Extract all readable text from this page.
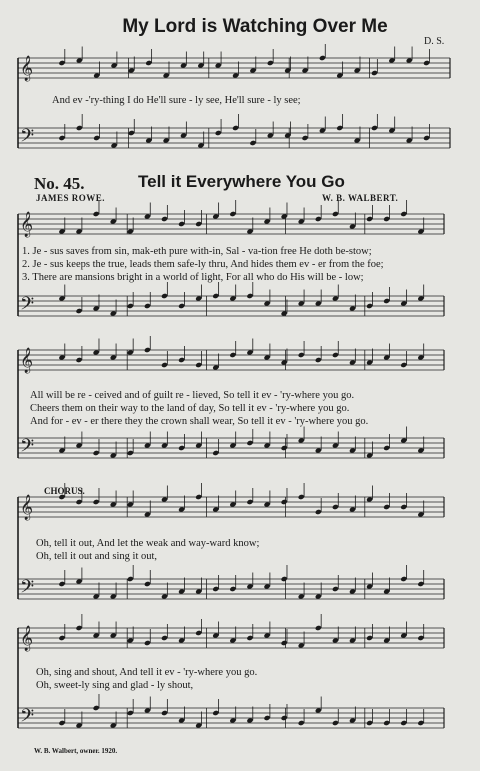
𝄞
𝄢
𝄞
𝄢
𝄞
𝄢
𝄞
𝄢
𝄞
𝄢
My Lord is Watching Over Me
D. S.
And ev -'ry-thing I do He'll sure - ly see, He'll sure - ly see;
No. 45.	Tell it Everywhere You Go
JAMES ROWE.	W. B. WALBERT.
1. Je - sus saves from sin, mak-eth pure with-in, Sal - va-tion free He doth be-stow;
2. Je - sus keeps the true, leads them safe-ly thru, And hides them ev - er from the foe;
3. There are mansions bright in a world of light, For all who do His will be - low;
All will be re - ceived and of guilt re - lieved, So tell it ev - 'ry-where you go.
Cheers them on their way to the land of day, So tell it ev - 'ry-where you go.
And for - ev - er there they the crown shall wear, So tell it ev - 'ry-where you go.
CHORUS.
Oh, tell it out, And let the weak and way-ward know;
Oh, tell it out and sing it out,
Oh, sing and shout, And tell it ev - 'ry-where you go.
Oh, sweet-ly sing and glad - ly shout,
W. B. Walbert, owner. 1920.
